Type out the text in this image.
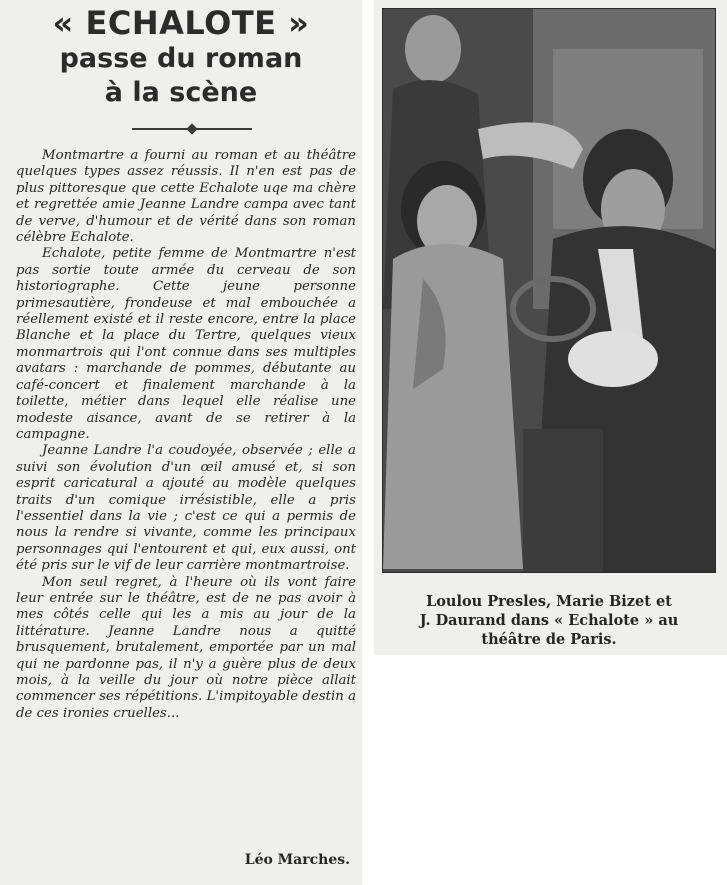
« ECHALOTE »
passe du roman
à la scène

Montmartre a fourni au roman et au théâtre quelques types assez réussis. Il n'en est pas de plus pittoresque que cette Echalote uqe ma chère et regrettée amie Jeanne Landre campa avec tant de verve, d'humour et de vérité dans son roman célèbre Echalote.

Echalote, petite femme de Montmartre n'est pas sortie toute armée du cerveau de son historiographe. Cette jeune personne primesautière, frondeuse et mal embouchée a réellement existé et il reste encore, entre la place Blanche et la place du Tertre, quelques vieux monmartrois qui l'ont connue dans ses multiples avatars : marchande de pommes, débutante au café-concert et finalement marchande à la toilette, métier dans lequel elle réalise une modeste aisance, avant de se retirer à la campagne.

Jeanne Landre l'a coudoyée, observée ; elle a suivi son évolution d'un œil amusé et, si son esprit caricatural a ajouté au modèle quelques traits d'un comique irrésistible, elle a pris l'essentiel dans la vie ; c'est ce qui a permis de nous la rendre si vivante, comme les principaux personnages qui l'entourent et qui, eux aussi, ont été pris sur le vif de leur carrière montmartroise.

Mon seul regret, à l'heure où ils vont faire leur entrée sur le théâtre, est de ne pas avoir à mes côtés celle qui les a mis au jour de la littérature. Jeanne Landre nous a quitté brusquement, brutalement, emportée par un mal qui ne pardonne pas, il n'y a guère plus de deux mois, à la veille du jour où notre pièce allait commencer ses répétitions. L'impitoyable destin a de ces ironies cruelles...

Léo Marches.
Loulou Presles, Marie Bizet et
J. Daurand dans « Echalote » au
théâtre de Paris.
